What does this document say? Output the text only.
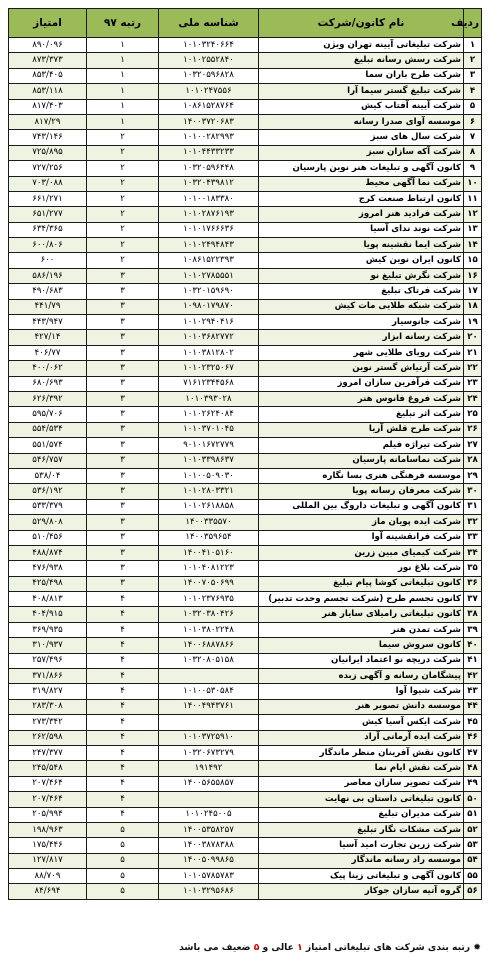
ردیف	نام کانون/شرکت	شناسه ملی	رتبه ۹۷	امتیاز
۱	شرکت تبلیغاتی آیینه تهران ویژن	۱۰۱۰۳۲۴۰۶۶۴	۱	۸۹۰/۰۹۶
۲	شرکت رسش رسانه تبلیغ	۱۰۱۰۲۵۵۲۸۴۰	۱	۸۷۳/۳۷۳
۳	شرکت طرح باران سما	۱۰۳۲۰۵۹۶۸۲۸	۱	۸۵۳/۴۰۵
۴	شرکت تبلیغ گستر سیما آرا	۱۰۱۰۲۴۷۵۵۶	۱	۸۵۳/۱۱۸
۵	شرکت آیینه آفتاب کیش	۱۰۸۶۱۵۲۸۷۶۴	۱	۸۱۷/۴۰۳
۶	موسسه آوای صدرا رسانه	۱۴۰۰۳۷۲۰۶۸۳	۱	۸۱۷/۲۹
۷	شرکت سال های سبز	۱۰۱۰۰۲۸۲۹۹۳	۲	۷۴۳/۱۴۶
۸	شرکت آکه سازان سبز	۱۰۱۰۴۴۳۳۲۳۳	۲	۷۲۵/۸۹۵
۹	کانون آگهی و تبلیغات هنر نوین پارسیان	۱۰۳۲۰۵۹۶۴۴۸	۲	۷۲۷/۲۵۶
۱۰	شرکت نما آگهی محیط	۱۰۳۲۰۴۳۹۸۱۲	۲	۷۰۳/۰۸۸
۱۱	کانون ارتباط صنعت کرج	۱۰۱۰۰۱۸۳۳۸۰	۲	۶۶۱/۲۷۱
۱۲	شرکت فرادید هنر امروز	۱۰۱۰۲۸۷۶۱۹۳	۲	۶۵۱/۲۷۷
۱۳	شرکت نوند ندای آسیا	۱۰۱۰۱۷۶۶۶۳۶	۲	۶۳۴/۳۶۵
۱۴	شرکت ایما نقشینه پویا	۱۰۱۰۲۴۹۴۸۴۳	۲	۶۰۰/۸۰۶
۱۵	کانون ایران نوین کیش	۱۰۸۶۱۵۲۲۳۹۳	۲	۶۰۰
۱۶	شرکت نگرش تبلیغ نو	۱۰۱۰۲۷۸۵۵۵۱	۳	۵۸۶/۱۹۶
۱۷	شرکت فرتاک تبلیغ	۱۰۳۲۰۱۵۹۶۹۰	۳	۴۹۰/۶۸۳
۱۸	شرکت شبکه طلایی مات کیش	۱۰۹۸۰۱۷۹۸۷۰	۳	۴۴۱/۷۹
۱۹	شرکت جانوسیار	۱۰۱۰۲۹۴۰۴۱۶	۳	۴۴۳/۹۴۷
۲۰	شرکت رسانه ابزار	۱۰۱۰۳۶۸۲۷۷۲	۳	۴۲۷/۱۴
۲۱	شرکت رویای طلایی شهر	۱۰۱۰۳۸۱۲۸۰۲	۳	۴۰۶/۷۷
۲۲	شرکت آرتیاش گستر نوین	۱۰۱۰۲۳۲۵۰۶۷	۳	۴۰۰/۰۶۲
۲۳	شرکت فرآفرین سازان امروز	۷۱۶۱۲۳۴۴۵۶۸	۳	۶۸۰/۶۹۳
۲۴	شرکت فروغ فانوس هنر	۱۰۱۰۳۹۳۰۲۸	۳	۶۲۶/۳۹۲
۲۵	شرکت اثر تبلیغ	۱۰۱۰۲۶۲۴۰۸۴	۳	۵۹۵/۷۰۶
۲۶	شرکت طرح قلش آریا	۱۰۱۰۳۷۰۱۰۴۵	۳	۵۵۴/۵۳۴
۲۷	شرکت تیراژه فیلم	۹۰۱۰۱۶۷۲۷۷۹	۳	۵۵۱/۵۷۴
۲۸	شرکت نماسامانه پارسیان	۱۰۱۰۳۳۹۸۶۳۷	۳	۵۴۶/۷۵۷
۲۹	موسسه فرهنگی هنری بسا نگاره	۱۰۱۰۰۵۰۹۰۳۰	۳	۵۳۸/۰۴
۳۰	شرکت معرفان رسانه پویا	۱۰۱۰۲۸۰۳۳۲۱	۳	۵۳۶/۱۹۲
۳۱	کانون آگهی و تبلیغات داروگ بین المللی	۱۰۱۰۲۶۱۸۸۵۸	۳	۵۳۳/۳۷۹
۳۲	شرکت ایده پویان ماز	۱۴۰۰۳۳۵۵۷۰	۳	۵۲۹/۸۰۸
۳۳	شرکت فرانقشینه آوا	۱۴۰۰۳۵۹۶۵۴	۳	۵۱۰/۴۵۶
۳۴	شرکت کیمیای مبین زرین	۱۴۰۰۴۱۰۵۱۶۰	۳	۴۸۸/۸۷۴
۳۵	شرکت بلاغ نور	۱۰۱۰۴۰۸۱۲۲۳	۳	۴۷۶/۹۳۸
۳۶	کانون تبلیغاتی کوشا پیام تبلیغ	۱۴۰۰۷۰۵۰۶۹۹	۳	۴۲۵/۴۹۸
۳۷	کانون تجسم طرح (شرکت تجسم وحدت تدبیر)	۱۰۱۰۲۳۷۶۹۳۵	۴	۴۰۸/۸۱۳
۳۸	کانون تبلیغاتی رامیلای سایار هنر	۱۰۳۲۰۳۸۰۴۲۶	۴	۴۰۴/۹۱۵
۳۹	شرکت تمدن هنر	۱۰۱۰۳۸۰۲۲۴۸	۴	۳۶۹/۹۳۵
۴۰	کانون سروش سیما	۱۴۰۰۶۸۸۷۸۶۶	۴	۳۱۰/۹۳۷
۴۱	شرکت دریچه نو اعتماد ایرانیان	۱۰۳۲۰۸۰۵۱۵۸	۴	۲۵۷/۴۹۶
۴۲	پیشگامان رسانه و آگهی زبده		۴	۳۷۱/۸۶۶
۴۳	شرکت شیوا آوا	۱۰۱۰۰۵۳۰۵۸۴	۴	۳۱۹/۸۲۷
۴۴	موسسه دانش تصویر هنر	۱۴۰۰۴۹۴۳۷۶۱	۴	۲۸۳/۳۰۸
۴۵	شرکت ایکس آسیا کیش		۴	۲۷۳/۳۴۲
۴۶	شرکت ایده آرمانی آراد	۱۰۱۰۳۷۲۵۹۱۰	۴	۲۶۲/۵۹۸
۴۷	کانون نقش آفرینان منظر ماندگار	۱۰۳۲۰۶۷۳۲۷۹	۴	۲۴۷/۳۷۷
۴۸	شرکت نقش ایام نما	۱۹۱۴۹۲	۴	۲۴۵/۵۴۸
۴۹	شرکت تصویر سازان معاصر	۱۴۰۰۵۶۵۵۸۵۷	۴	۲۰۷/۴۶۴
۵۰	کانون تبلیغاتی داستان بی نهایت		۴	۲۰۷/۴۶۴
۵۱	شرکت مدیران تبلیغ	۱۰۱۰۲۴۵۰۰۵	۴	۲۰۵/۹۹۴
۵۲	شرکت مشکات نگار تبلیغ	۱۴۰۰۵۳۵۸۲۵۷	۵	۱۹۸/۹۶۳
۵۳	شرکت زرین تجارت امید آسیا	۱۴۰۰۳۸۷۸۳۸۸	۵	۱۷۵/۴۴۶
۵۴	موسسه راد رسانه ماندگار	۱۴۰۰۵۰۹۹۸۶۵	۵	۱۲۷/۸۱۷
۵۵	کانون آگهی و تبلیغاتی زینا پیک	۱۰۱۰۵۷۸۵۷۸۳	۵	۸۸/۷۰۹
۵۶	گروه آتیه سازان جوکار	۱۰۱۰۳۲۹۵۶۸۶	۵	۸۴/۶۹۴
✹ رتبه بندی شرکت های تبلیغاتی امتیاز ۱ عالی و ۵ ضعیف می باشد
